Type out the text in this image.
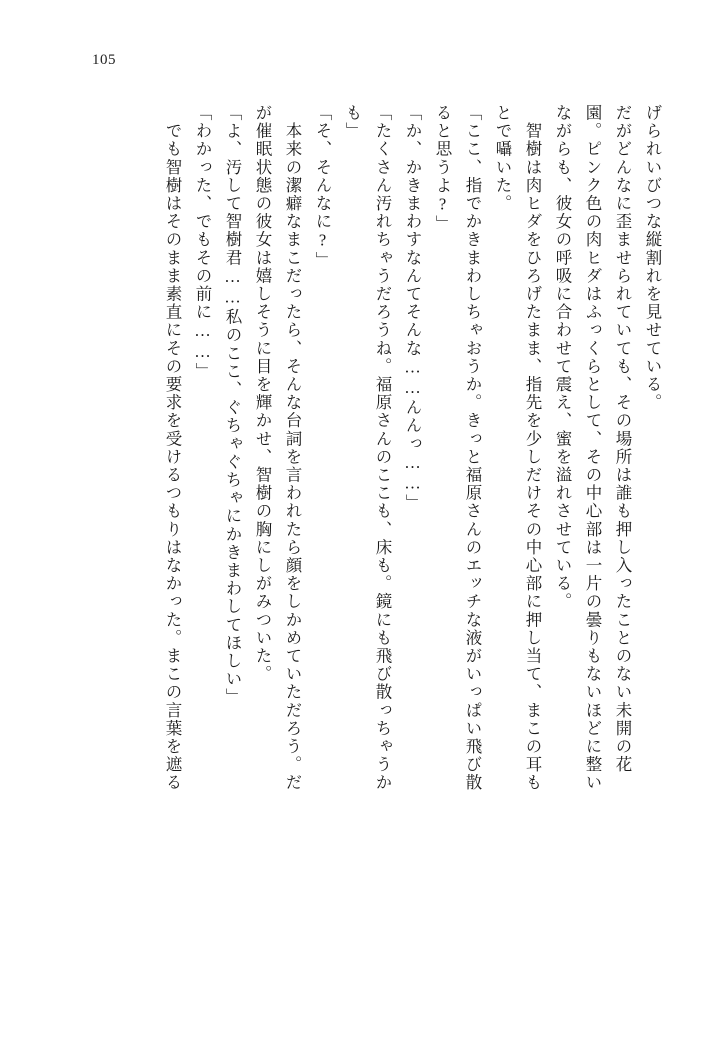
105
げられいびつな縦割れを見せている。
だがどんなに歪ませられていても、その場所は誰も押し入ったことのない未開の花
園。ピンク色の肉ヒダはふっくらとして、その中心部は一片の曇りもないほどに整い
ながらも、彼女の呼吸に合わせて震え、蜜を溢れさせている。
　智樹は肉ヒダをひろげたまま、指先を少しだけその中心部に押し当て、まこの耳も
とで囁いた。
「ここ、指でかきまわしちゃおうか。きっと福原さんのエッチな液がいっぱい飛び散
ると思うよ?」
「か、かきまわすなんてそんな……んんっ……」
「たくさん汚れちゃうだろうね。福原さんのここも、床も。鏡にも飛び散っちゃうか
も」
「そ、そんなに?」
　本来の潔癖なまこだったら、そんな台詞を言われたら顔をしかめていただろう。だ
が催眠状態の彼女は嬉しそうに目を輝かせ、智樹の胸にしがみついた。
「よ、汚して智樹君……私のここ、ぐちゃぐちゃにかきまわしてほしい」
「わかった、でもその前に……」
　でも智樹はそのまま素直にその要求を受けるつもりはなかった。まこの言葉を遮る
